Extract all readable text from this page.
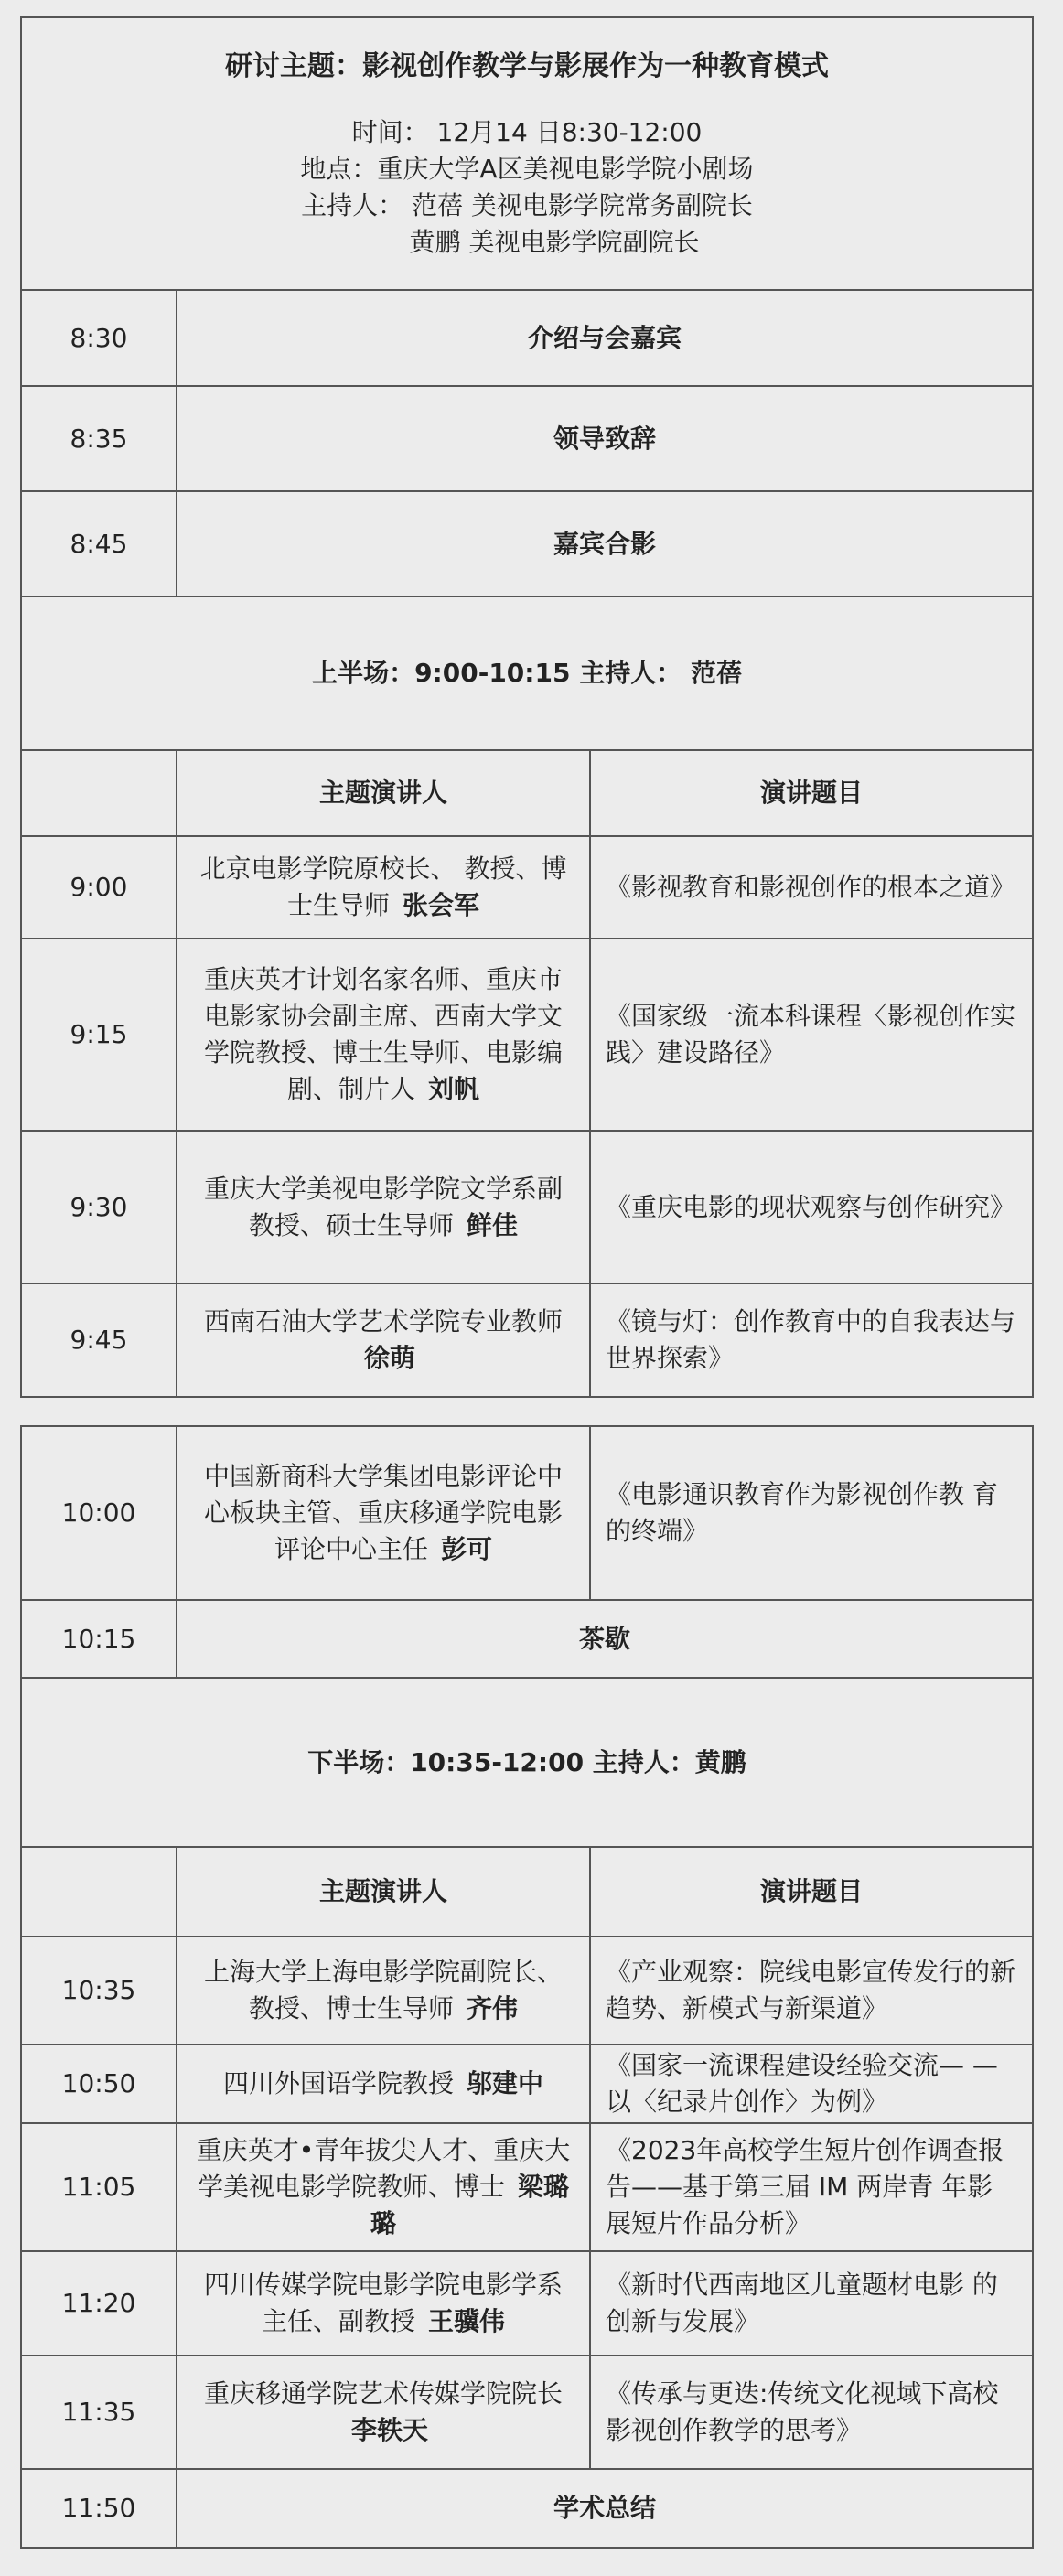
研讨主题：影视创作教学与影展作为一种教育模式
时间： 12月14 日8:30-12:00
地点：重庆大学A区美视电影学院小剧场
主持人： 范蓓 美视电影学院常务副院长
黄鹏 美视电影学院副院长		

8:30	介绍与会嘉宾	
8:35	领导致辞	
8:45	嘉宾合影	
上半场：9:00-10:15 主持人： 范蓓		
	主题演讲人	演讲题目
9:00	北京电影学院原校长、 教授、博士生导师 张会军	《影视教育和影视创作的根本之道》
9:15	重庆英才计划名家名师、重庆市电影家协会副主席、西南大学文学院教授、博士生导师、电影编剧、制片人 刘帆	《国家级一流本科课程〈影视创作实践〉建设路径》
9:30	重庆大学美视电影学院文学系副教授、硕士生导师 鲜佳	《重庆电影的现状观察与创作研究》
9:45	西南石油大学艺术学院专业教师徐萌	《镜与灯：创作教育中的自我表达与世界探索》
10:00	中国新商科大学集团电影评论中心板块主管、重庆移通学院电影评论中心主任 彭可	《电影通识教育作为影视创作教 育的终端》
10:15	茶歇	
下半场：10:35-12:00 主持人：黄鹏		
	主题演讲人	演讲题目
10:35	上海大学上海电影学院副院长、教授、博士生导师 齐伟	《产业观察：院线电影宣传发行的新趋势、新模式与新渠道》
10:50	四川外国语学院教授 邬建中	《国家一流课程建设经验交流— —以〈纪录片创作〉为例》
11:05	重庆英才•青年拔尖人才、重庆大学美视电影学院教师、博士 梁璐璐	《2023年高校学生短片创作调查报告——基于第三届 IM 两岸青 年影展短片作品分析》
11:20	四川传媒学院电影学院电影学系主任、副教授 王骥伟	《新时代西南地区儿童题材电影 的创新与发展》
11:35	重庆移通学院艺术传媒学院院长李轶天	《传承与更迭:传统文化视域下高校影视创作教学的思考》
11:50	学术总结	
